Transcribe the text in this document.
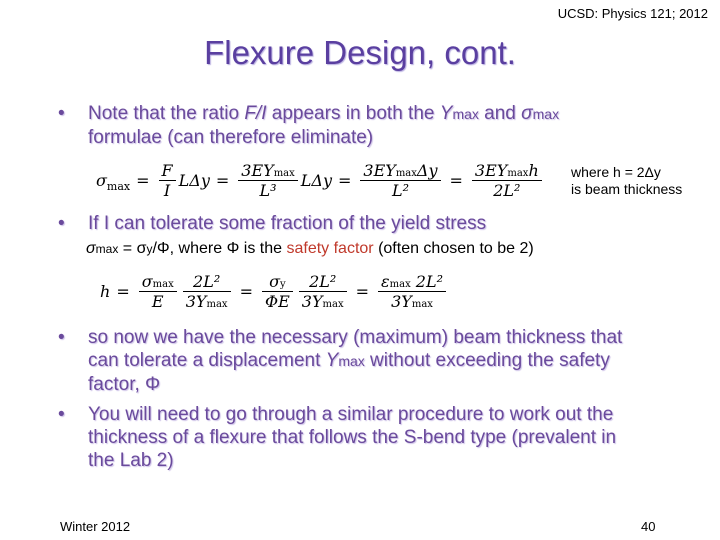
UCSD: Physics 121; 2012
Flexure Design, cont.
• Note that the ratio F/I appears in both the Ymax and σmax
formulae (can therefore eliminate)
σ $\max = \frac{F}{I}$ $L\Delta y = \frac{3EYmax}{\text{L³}}$ $L\Delta y = \frac{3EYmax\Delta y}{\text{L²}} = \frac{3EYmaxh}{\text{2L²}}$ where h = 2Δy
is beam thickness
• If I can tolerate some fraction of the yield stress
σmax = σy/Φ, where Φ is the safety factor (often chosen to be 2)
$h = \frac{\sigma\max}{E} \frac{\text{2L²}}{3Ymax} = \frac{\sigma y}{\Phi E} \frac{\text{2L²}}{3Ymax} = \frac{\text{εmax 2L²}}{3Ymax}$
• so now we have the necessary (maximum) beam thickness that
can tolerate a displacement Ymax without exceeding the safety
factor, Φ
• You will need to go through a similar procedure to work out the
thickness of a flexure that follows the S-bend type (prevalent in
the Lab 2)
Winter 2012	40
